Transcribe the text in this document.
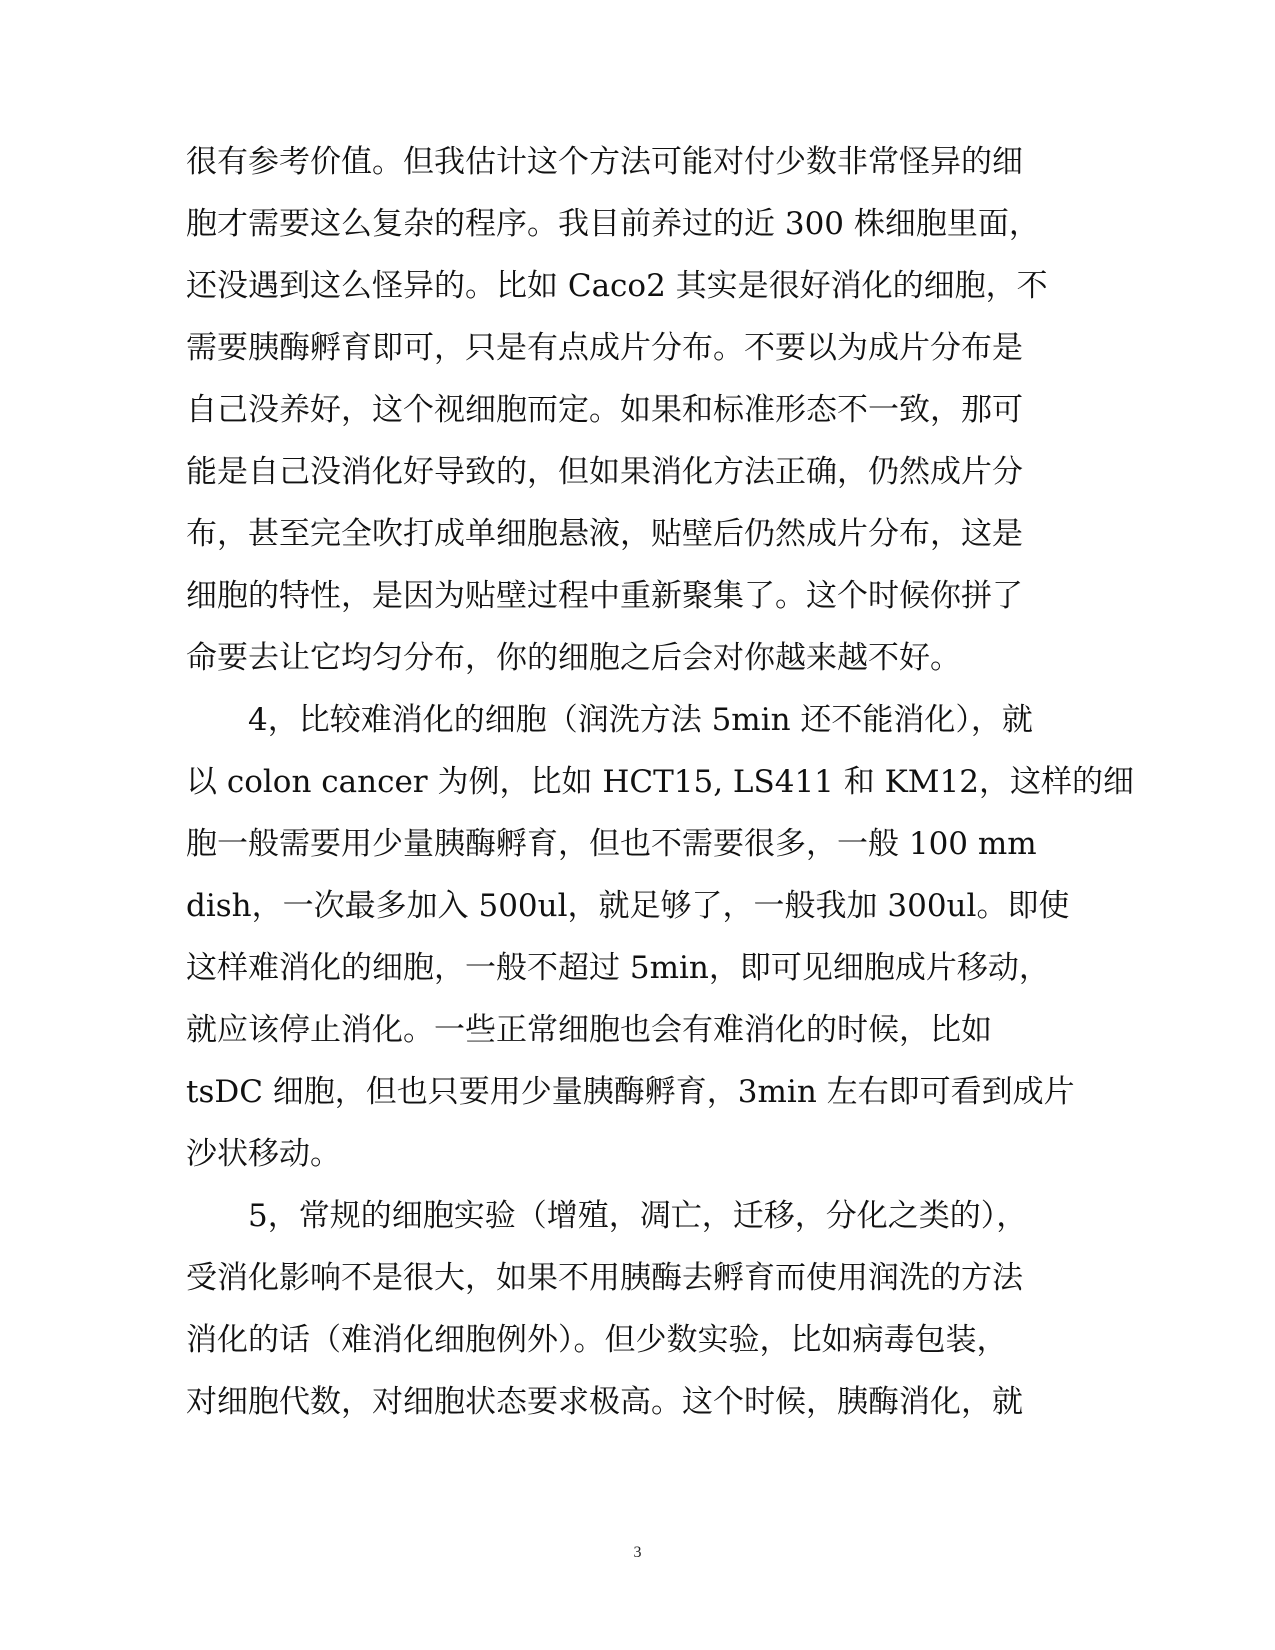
很有参考价值。但我估计这个方法可能对付少数非常怪异的细
胞才需要这么复杂的程序。我目前养过的近 300 株细胞里面，
还没遇到这么怪异的。比如 Caco2 其实是很好消化的细胞，不
需要胰酶孵育即可，只是有点成片分布。不要以为成片分布是
自己没养好，这个视细胞而定。如果和标准形态不一致，那可
能是自己没消化好导致的，但如果消化方法正确，仍然成片分
布，甚至完全吹打成单细胞悬液，贴壁后仍然成片分布，这是
细胞的特性，是因为贴壁过程中重新聚集了。这个时候你拼了
命要去让它均匀分布，你的细胞之后会对你越来越不好。
　　4，比较难消化的细胞（润洗方法 5min 还不能消化），就
以 colon cancer 为例，比如 HCT15, LS411 和 KM12，这样的细
胞一般需要用少量胰酶孵育，但也不需要很多，一般 100 mm
dish，一次最多加入 500ul，就足够了，一般我加 300ul。即使
这样难消化的细胞，一般不超过 5min，即可见细胞成片移动，
就应该停止消化。一些正常细胞也会有难消化的时候，比如
tsDC 细胞，但也只要用少量胰酶孵育，3min 左右即可看到成片
沙状移动。
　　5，常规的细胞实验（增殖，凋亡，迁移，分化之类的），
受消化影响不是很大，如果不用胰酶去孵育而使用润洗的方法
消化的话（难消化细胞例外）。但少数实验，比如病毒包装，
对细胞代数，对细胞状态要求极高。这个时候，胰酶消化，就
3
